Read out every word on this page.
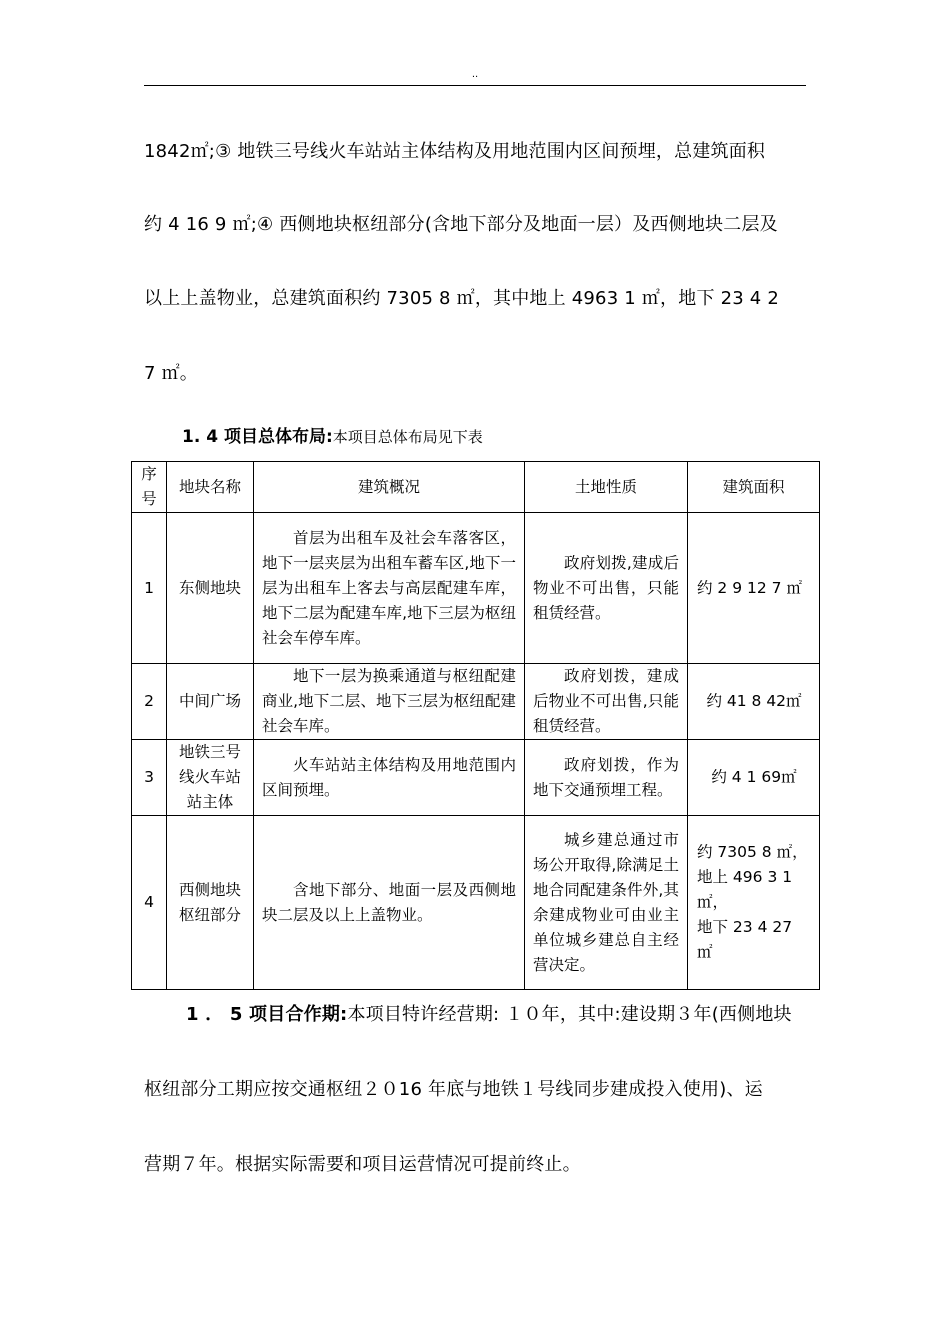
..
1842㎡;③ 地铁三号线火车站站主体结构及用地范围内区间预埋，总建筑面积
约 4 16 9 ㎡;④ 西侧地块枢纽部分(含地下部分及地面一层）及西侧地块二层及
以上上盖物业，总建筑面积约 7305 8 ㎡，其中地上 4963 1 ㎡，地下 23 4 2
7 ㎡。
1. 4 项目总体布局:本项目总体布局见下表
序号	地块名称	建筑概况	土地性质	建筑面积
1	东侧地块	首层为出租车及社会车落客区，地下一层夹层为出租车蓄车区,地下一层为出租车上客去与高层配建车库，地下二层为配建车库,地下三层为枢纽社会车停车库。	政府划拨,建成后物业不可出售，只能租赁经营。	约 2 9 12 7 ㎡

2	中间广场	地下一层为换乘通道与枢纽配建商业,地下二层、地下三层为枢纽配建社会车库。	政府划拨，建成后物业不可出售,只能租赁经营。	约 41 8 42㎡

3	地铁三号线火车站站主体	火车站站主体结构及用地范围内区间预埋。	政府划拨，作为地下交通预埋工程。	约 4 1 69㎡

4	西侧地块枢纽部分	含地下部分、地面一层及西侧地块二层及以上上盖物业。	城乡建总通过市场公开取得,除满足土地合同配建条件外,其余建成物业可由业主单位城乡建总自主经营决定。	约 7305 8 ㎡，
地上 496 3 1 ㎡，
地下 23 4 27 ㎡
1 ． 5 项目合作期:本项目特许经营期: １０年，其中:建设期３年(西侧地块
枢纽部分工期应按交通枢纽２０16 年底与地铁１号线同步建成投入使用)、运
营期７年。根据实际需要和项目运营情况可提前终止。
